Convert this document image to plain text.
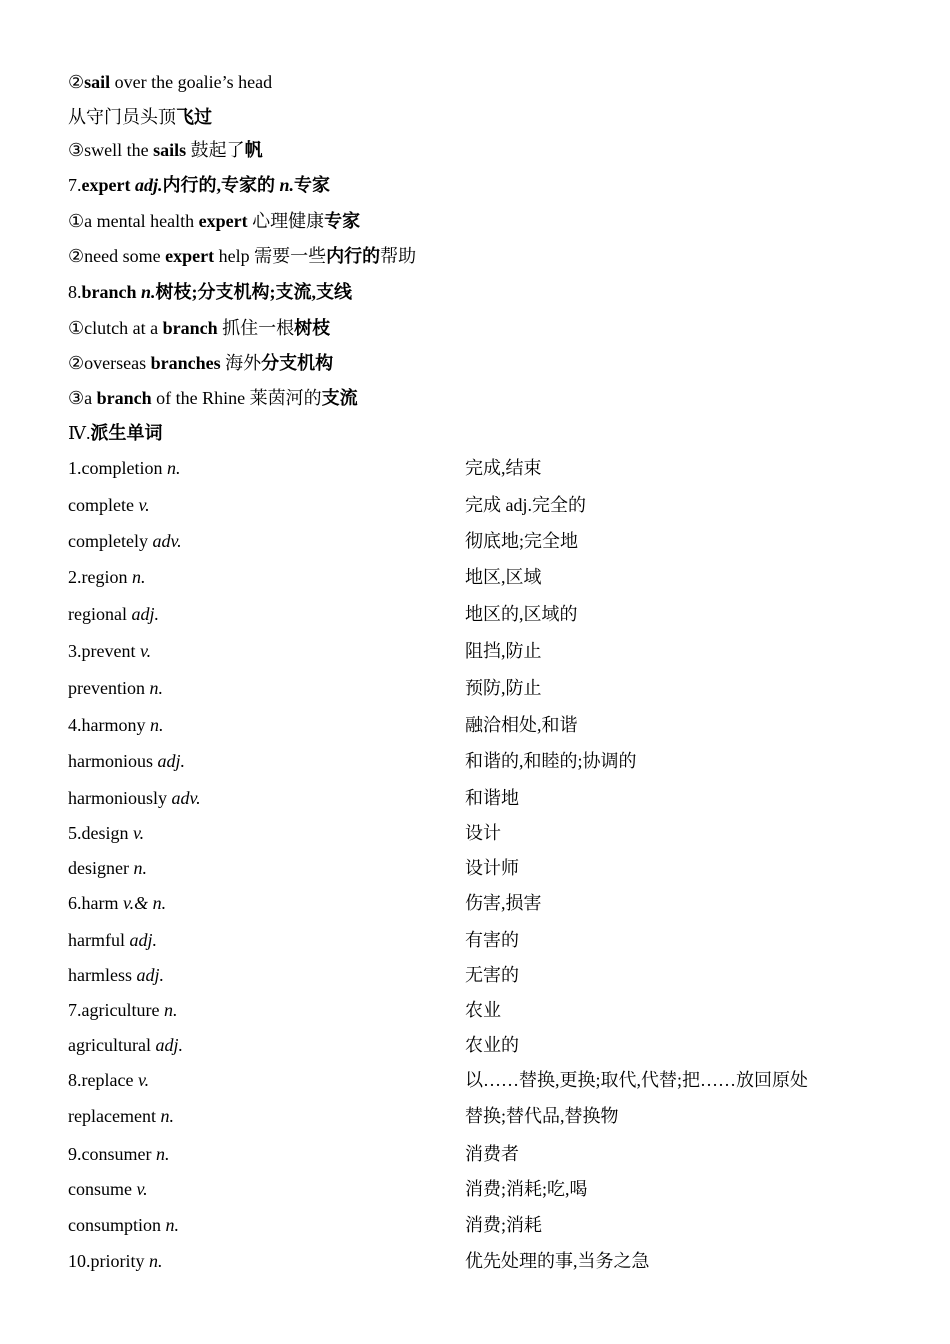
②sail over the goalie’s head
从守门员头顶飞过
③swell the sails 鼓起了帆
7.expert adj.内行的,专家的 n.专家
①a mental health expert 心理健康专家
②need some expert help 需要一些内行的帮助
8.branch n.树枝;分支机构;支流,支线
①clutch at a branch 抓住一根树枝
②overseas branches 海外分支机构
③a branch of the Rhine 莱茵河的支流
Ⅳ.派生单词
1.completion n.	完成,结束
complete v.	完成 adj.完全的
completely adv.	彻底地;完全地
2.region n.	地区,区域
regional adj.	地区的,区域的
3.prevent v.	阻挡,防止
prevention n.	预防,防止
4.harmony n.	融洽相处,和谐
harmonious adj.	和谐的,和睦的;协调的
harmoniously adv.	和谐地
5.design v.	设计
designer n.	设计师
6.harm v.& n.	伤害,损害
harmful adj.	有害的
harmless adj.	无害的
7.agriculture n.	农业
agricultural adj.	农业的
8.replace v.	以……替换,更换;取代,代替;把……放回原处
replacement n.	替换;替代品,替换物
9.consumer n.	消费者
consume v.	消费;消耗;吃,喝
consumption n.	消费;消耗
10.priority n.	优先处理的事,当务之急
